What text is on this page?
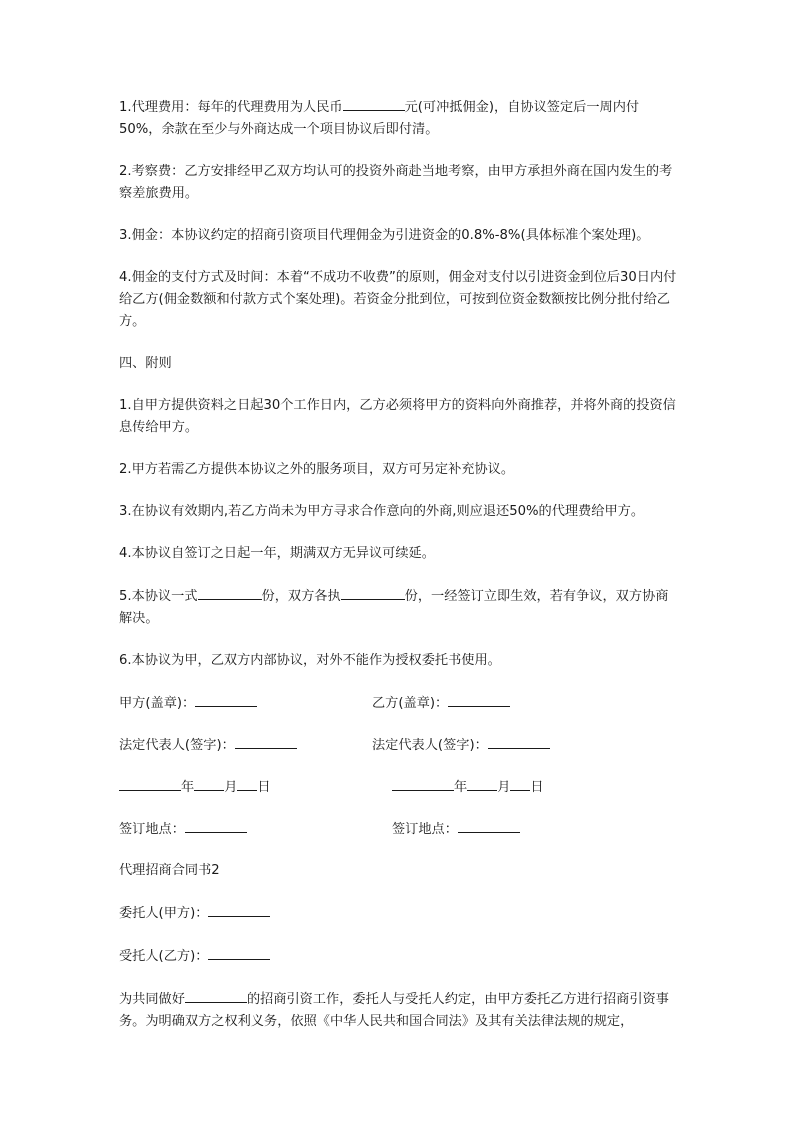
1.代理费用：每年的代理费用为人民币	元(可冲抵佣金)，自协议签定后一周内付50%，余款在至少与外商达成一个项目协议后即付清。

2.考察费：乙方安排经甲乙双方均认可的投资外商赴当地考察，由甲方承担外商在国内发生的考察差旅费用。

3.佣金：本协议约定的招商引资项目代理佣金为引进资金的0.8%-8%(具体标准个案处理)。

4.佣金的支付方式及时间：本着“不成功不收费”的原则，佣金对支付以引进资金到位后30日内付给乙方(佣金数额和付款方式个案处理)。若资金分批到位，可按到位资金数额按比例分批付给乙方。

四、附则

1.自甲方提供资料之日起30个工作日内，乙方必须将甲方的资料向外商推荐，并将外商的投资信息传给甲方。

2.甲方若需乙方提供本协议之外的服务项目，双方可另定补充协议。

3.在协议有效期内,若乙方尚未为甲方寻求合作意向的外商,则应退还50%的代理费给甲方。

4.本协议自签订之日起一年，期满双方无异议可续延。

5.本协议一式	份，双方各执	份，一经签订立即生效，若有争议，双方协商解决。

6.本协议为甲，乙双方内部协议，对外不能作为授权委托书使用。

甲方(盖章)：	乙方(盖章)：
法定代表人(签字)：	法定代表人(签字)：
年 月 日	年 月 日
签订地点：	签订地点：

代理招商合同书2

委托人(甲方)：

受托人(乙方)：

为共同做好	的招商引资工作，委托人与受托人约定，由甲方委托乙方进行招商引资事务。为明确双方之权利义务，依照《中华人民共和国合同法》及其有关法律法规的规定，
